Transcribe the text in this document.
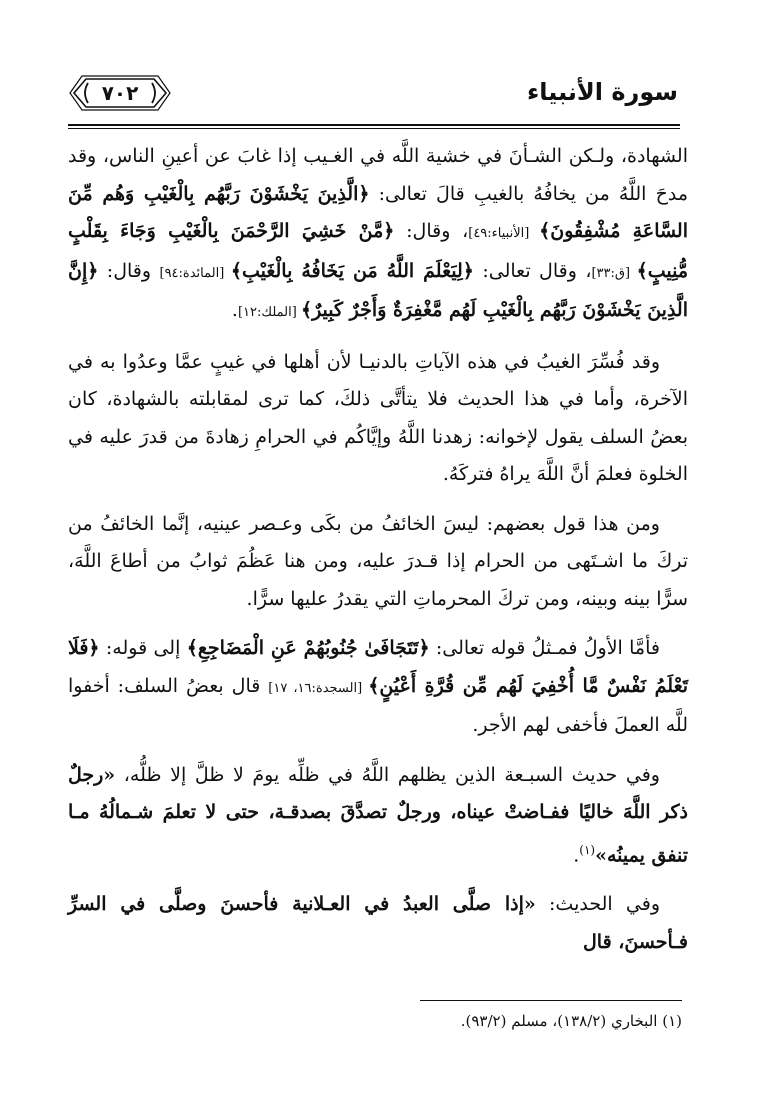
سورة الأنبياء
٧٠٢

الشهادة، ولـكن الشـأنَ في خشية اللَّه في الغـيب إذا غابَ عن أعينِ الناس، وقد مدحَ اللَّهُ من يخافُهُ بالغيبِ قالَ تعالى: ﴿الَّذِينَ يَخْشَوْنَ رَبَّهُم بِالْغَيْبِ وَهُم مِّنَ السَّاعَةِ مُشْفِقُونَ﴾ [الأنبياء:٤٩]، وقال: ﴿مَّنْ خَشِيَ الرَّحْمَنَ بِالْغَيْبِ وَجَاءَ بِقَلْبٍ مُّنِيبٍ﴾ [ق:٣٣]، وقال تعالى: ﴿لِيَعْلَمَ اللَّهُ مَن يَخَافُهُ بِالْغَيْبِ﴾ [المائدة:٩٤] وقال: ﴿إِنَّ الَّذِينَ يَخْشَوْنَ رَبَّهُم بِالْغَيْبِ لَهُم مَّغْفِرَةٌ وَأَجْرٌ كَبِيرٌ﴾ [الملك:١٢].

وقد فُسِّرَ الغيبُ في هذه الآياتِ بالدنيـا لأن أهلها في غيبٍ عمَّا وعدُوا به في الآخرة، وأما في هذا الحديث فلا يتأتَّى ذلكَ، كما ترى لمقابلته بالشهادة، كان بعضُ السلف يقول لإخوانه: زهدنا اللَّهُ وإيَّاكُم في الحرامِ زهادةَ من قدرَ عليه في الخلوة فعلمَ أنَّ اللَّهَ يراهُ فتركَهُ.

ومن هذا قول بعضهم: ليسَ الخائفُ من بكَى وعـصر عينيه، إنَّما الخائفُ من تركَ ما اشـتَهى من الحرام إذا قـدرَ عليه، ومن هنا عَظُمَ ثوابُ من أطاعَ اللَّهَ، سرًّا بينه وبينه، ومن تركَ المحرماتِ التي يقدرُ عليها سرًّا.

فأمَّا الأولُ فمـثلُ قوله تعالى: ﴿تَتَجَافَىٰ جُنُوبُهُمْ عَنِ الْمَضَاجِعِ﴾ إلى قوله: ﴿فَلَا تَعْلَمُ نَفْسٌ مَّا أُخْفِيَ لَهُم مِّن قُرَّةِ أَعْيُنٍ﴾ [السجدة:١٦، ١٧] قال بعضُ السلف: أخفوا للَّه العملَ فأخفى لهم الأجر.

وفي حديث السبـعة الذين يظلهم اللَّهُ في ظلِّه يومَ لا ظلَّ إلا ظلُّه، «رجلٌ ذكر اللَّهَ خاليًا ففـاضتْ عيناه، ورجلٌ تصدَّقَ بصدقـة، حتى لا تعلمَ شـمالُهُ مـا تنفق يمينُه»$^{(١)}$.

وفي الحديث: «إذا صلَّى العبدُ في العـلانية فأحسنَ وصلَّى في السرِّ فـأحسنَ، قال

(١) البخاري (١٣٨/٢)، مسلم (٩٣/٢).
